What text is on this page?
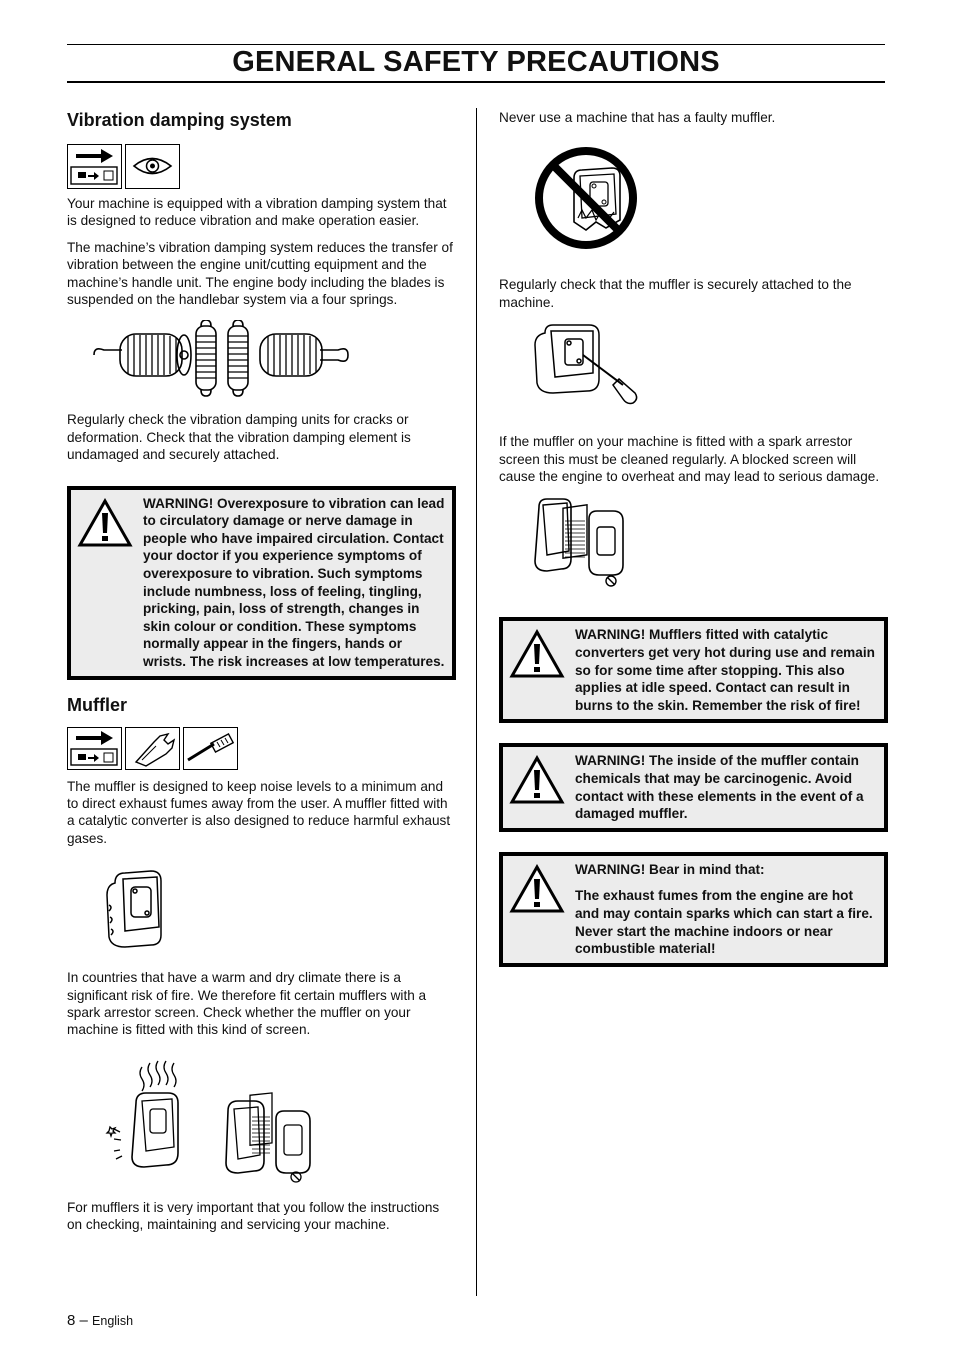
GENERAL SAFETY PRECAUTIONS
Vibration damping system

Your machine is equipped with a vibration damping system that is designed to reduce vibration and make operation easier.

The machine’s vibration damping system reduces the transfer of vibration between the engine unit/cutting equipment and the machine’s handle unit. The engine body including the blades is suspended on the handlebar system via a four springs.

Regularly check the vibration damping units for cracks or deformation. Check that the vibration damping element is undamaged and securely attached.

WARNING! Overexposure to vibration can lead to circulatory damage or nerve damage in people who have impaired circulation. Contact your doctor if you experience symptoms of overexposure to vibration. Such symptoms include numbness, loss of feeling, tingling, pricking, pain, loss of strength, changes in skin colour or condition. These symptoms normally appear in the fingers, hands or wrists. The risk increases at low temperatures.
Muffler

The muffler is designed to keep noise levels to a minimum and to direct exhaust fumes away from the user. A muffler fitted with a catalytic converter is also designed to reduce harmful exhaust gases.

In countries that have a warm and dry climate there is a significant risk of fire. We therefore fit certain mufflers with a spark arrestor screen. Check whether the muffler on your machine is fitted with this kind of screen.

For mufflers it is very important that you follow the instructions on checking, maintaining and servicing your machine.

Never use a machine that has a faulty muffler.

Regularly check that the muffler is securely attached to the machine.

If the muffler on your machine is fitted with a spark arrestor screen this must be cleaned regularly. A blocked screen will cause the engine to overheat and may lead to serious damage.

WARNING! Mufflers fitted with catalytic converters get very hot during use and remain so for some time after stopping. This also applies at idle speed. Contact can result in burns to the skin. Remember the risk of fire!
WARNING! The inside of the muffler contain chemicals that may be carcinogenic. Avoid contact with these elements in the event of a damaged muffler.
WARNING! Bear in mind that:
The exhaust fumes from the engine are hot and may contain sparks which can start a fire. Never start the machine indoors or near combustible material!
8 – English
